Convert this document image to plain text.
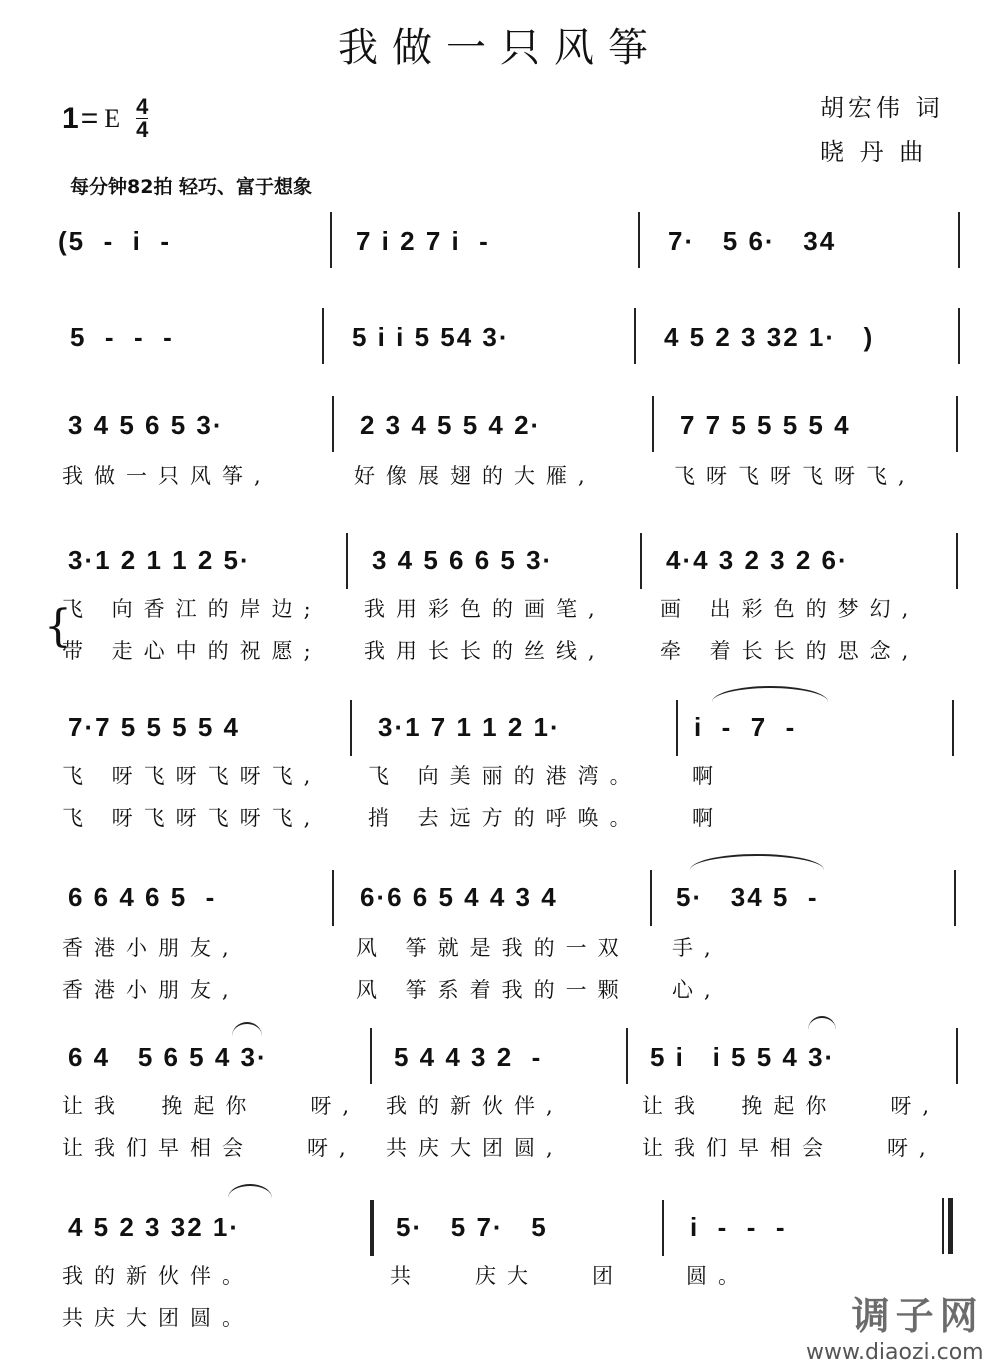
我做一只风筝
1 = E $\frac{4}{4}$	胡宏伟 词
晓 丹 曲
每分钟82拍 轻巧、富于想象
(5  -  i  -	7 i 2 7 i  -	7·   5 6·   34
5  -  -  -	5 i i 5 54 3·	4 5 2 3 32 1·   )
3 4 5 6 5 3·	2 3 4 5 5 4 2·	7 7 5 5 5 5 4
我做一只风筝,	好像展翅的大雁,	飞呀飞呀飞呀飞,
3·1 2 1 1 2 5·	3 4 5 6 6 5 3·	4·4 3 2 3 2 6·
飞 向香江的岸边; 我用彩色的画笔,	画 出彩色的梦幻,
带 走心中的祝愿; 我用长长的丝线,	牵 着长长的思念,
{
7·7 5 5 5 5 4	3·1 7 1 1 2 1·	i  -  7  -
飞 呀飞呀飞呀飞, 飞 向美丽的港湾。 啊
飞 呀飞呀飞呀飞, 捎 去远方的呼唤。 啊
6 6 4 6 5  -	6·6 6 5 4 4 3 4	5·   34 5  -
香港小朋友,	风 筝就是我的一双 手,
香港小朋友,	风 筝系着我的一颗 心,
6 4   5 6 5 4 3·	5 4 4 3 2  -	5 i   i 5 5 4 3·
让我  挽起你   呀, 我的新伙伴,	让我  挽起你   呀,
让我们早相会   呀, 共庆大团圆,	让我们早相会   呀,
4 5 2 3 32 1·	5·   5 7·   5	i  -  -  -
我的新伙伴。	共   庆大   团	圆。
共庆大团圆。	调子网
www.diaozi.com
